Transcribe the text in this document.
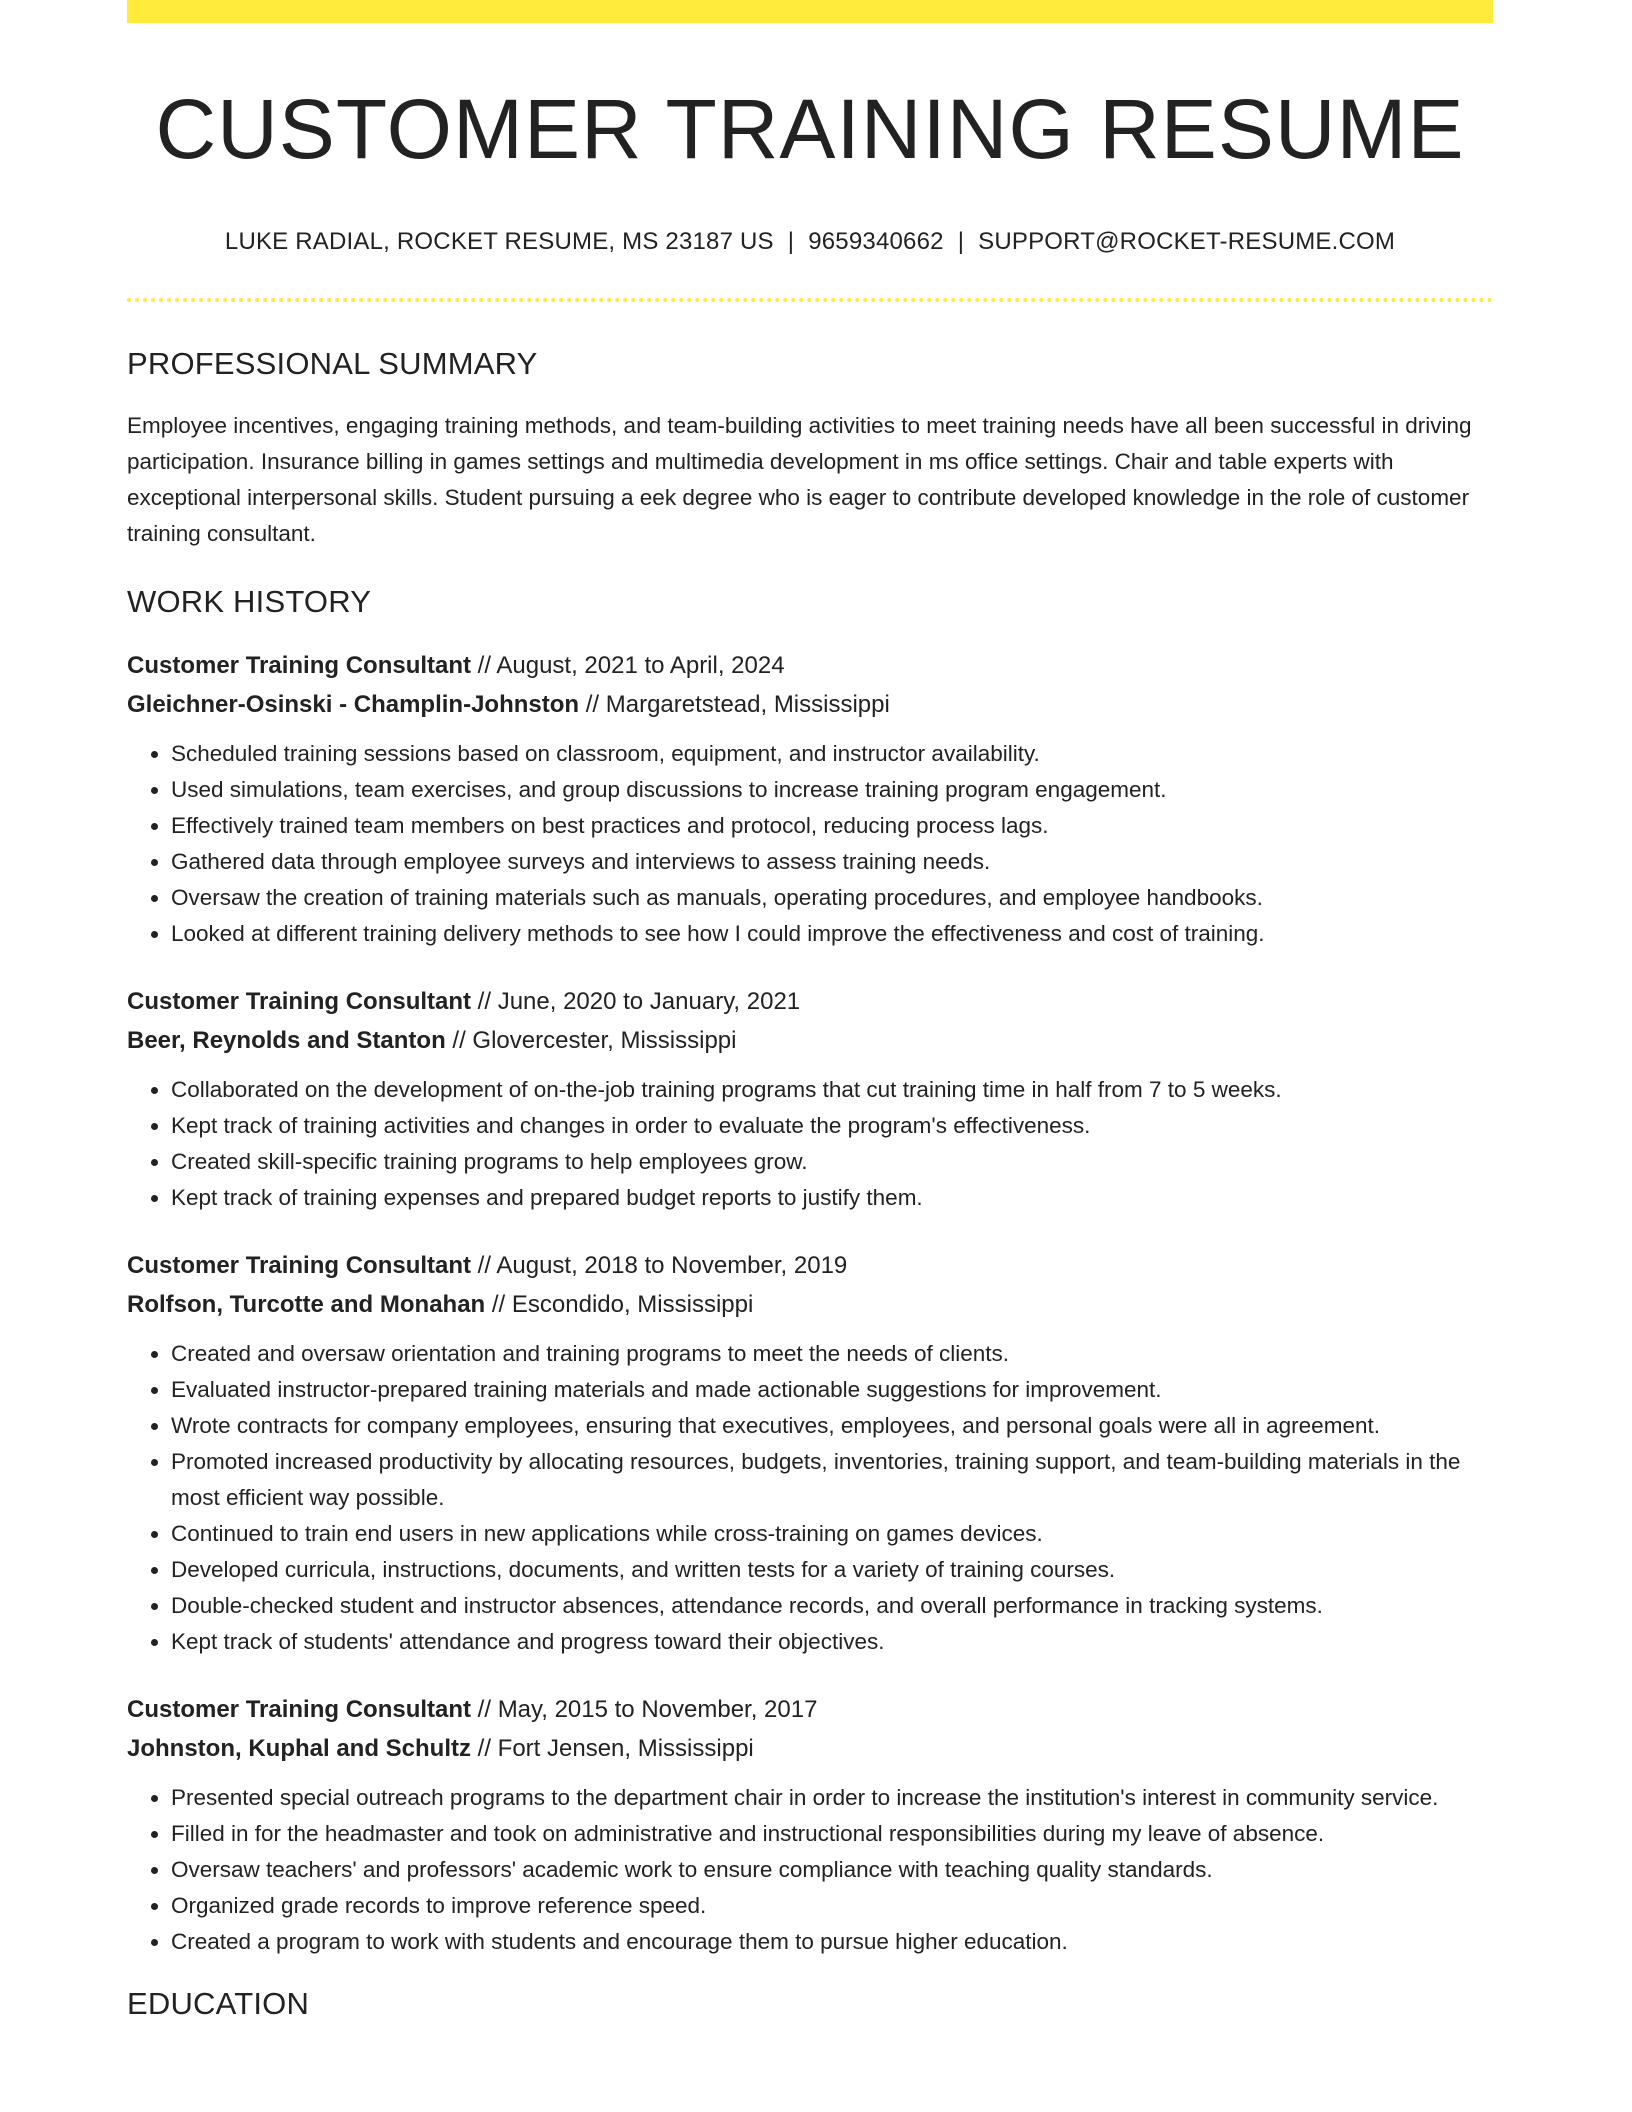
CUSTOMER TRAINING RESUME
LUKE RADIAL, ROCKET RESUME, MS 23187 US | 9659340662 | SUPPORT@ROCKET-RESUME.COM
PROFESSIONAL SUMMARY

Employee incentives, engaging training methods, and team-building activities to meet training needs have all been successful in driving participation. Insurance billing in games settings and multimedia development in ms office settings. Chair and table experts with exceptional interpersonal skills. Student pursuing a eek degree who is eager to contribute developed knowledge in the role of customer training consultant.

WORK HISTORY
Customer Training Consultant // August, 2021 to April, 2024
Gleichner-Osinski - Champlin-Johnston // Margaretstead, Mississippi
• Scheduled training sessions based on classroom, equipment, and instructor availability.
• Used simulations, team exercises, and group discussions to increase training program engagement.
• Effectively trained team members on best practices and protocol, reducing process lags.
• Gathered data through employee surveys and interviews to assess training needs.
• Oversaw the creation of training materials such as manuals, operating procedures, and employee handbooks.
• Looked at different training delivery methods to see how I could improve the effectiveness and cost of training.
Customer Training Consultant // June, 2020 to January, 2021
Beer, Reynolds and Stanton // Glovercester, Mississippi
• Collaborated on the development of on-the-job training programs that cut training time in half from 7 to 5 weeks.
• Kept track of training activities and changes in order to evaluate the program's effectiveness.
• Created skill-specific training programs to help employees grow.
• Kept track of training expenses and prepared budget reports to justify them.
Customer Training Consultant // August, 2018 to November, 2019
Rolfson, Turcotte and Monahan // Escondido, Mississippi
• Created and oversaw orientation and training programs to meet the needs of clients.
• Evaluated instructor-prepared training materials and made actionable suggestions for improvement.
• Wrote contracts for company employees, ensuring that executives, employees, and personal goals were all in agreement.
• Promoted increased productivity by allocating resources, budgets, inventories, training support, and team-building materials in the most efficient way possible.
• Continued to train end users in new applications while cross-training on games devices.
• Developed curricula, instructions, documents, and written tests for a variety of training courses.
• Double-checked student and instructor absences, attendance records, and overall performance in tracking systems.
• Kept track of students' attendance and progress toward their objectives.
Customer Training Consultant // May, 2015 to November, 2017
Johnston, Kuphal and Schultz // Fort Jensen, Mississippi
• Presented special outreach programs to the department chair in order to increase the institution's interest in community service.
• Filled in for the headmaster and took on administrative and instructional responsibilities during my leave of absence.
• Oversaw teachers' and professors' academic work to ensure compliance with teaching quality standards.
• Organized grade records to improve reference speed.
• Created a program to work with students and encourage them to pursue higher education.
EDUCATION
